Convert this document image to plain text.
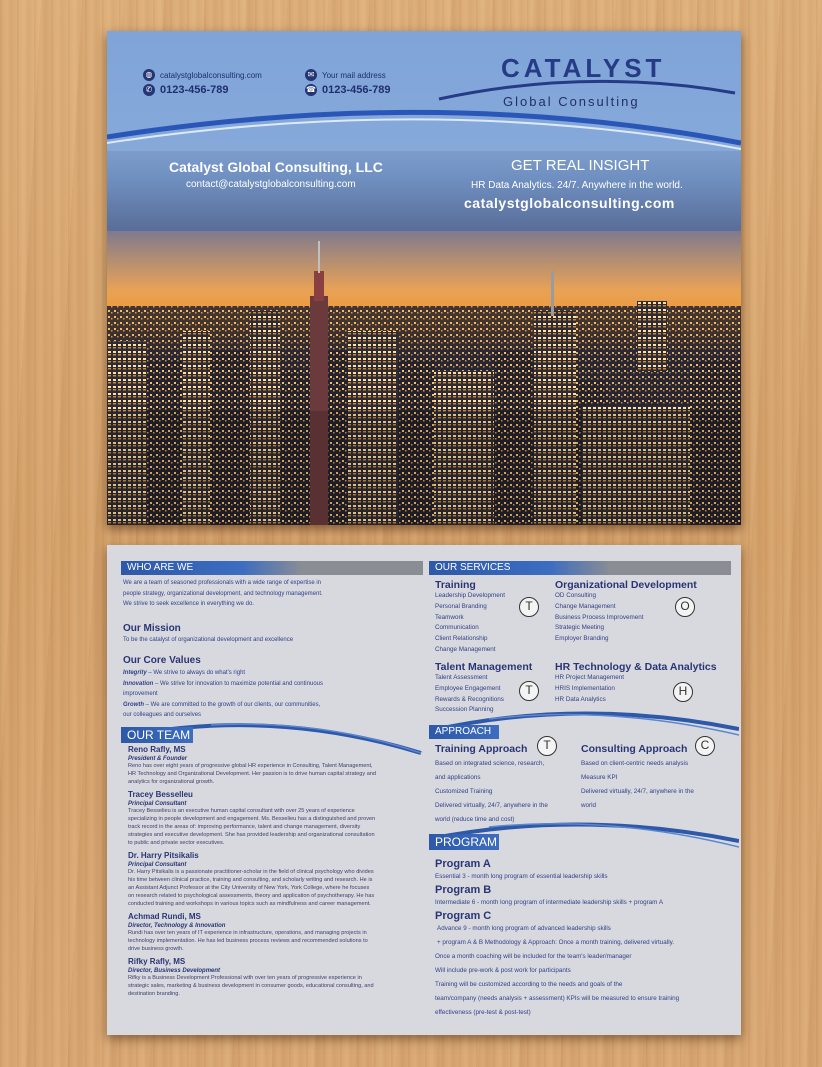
◍ catalystglobalconsulting.com
✆ 0123-456-789
✉ Your mail address
☎ 0123-456-789
CATALYST
Global Consulting
Catalyst Global Consulting, LLC
contact@catalystglobalconsulting.com
GET REAL INSIGHT
HR Data Analytics. 24/7. Anywhere in the world.
catalystglobalconsulting.com
WHO ARE WE
We are a team of seasoned professionals with a wide range of expertise in
people strategy, organizational development, and technology management.
We strive to seek excellence in everything we do.
Our Mission
To be the catalyst of organizational development and excellence
Our Core Values
Integrity – We strive to always do what's right
Innovation – We strive for innovation to maximize potential and continuous
improvement
Growth – We are committed to the growth of our clients, our communities,
our colleagues and ourselves
OUR TEAM
Reno Rafly, MS
President & Founder
Reno has over eight years of progressive global HR experience in Consulting, Talent Management,
HR Technology and Organizational Development. Her passion is to drive human capital strategy and
analytics for organizational growth.
Tracey Besselleu
Principal Consultant
Tracey Besselieu is an executive human capital consultant with over 25 years of experience
specializing in people development and engagement. Ms. Besselieu has a distinguished and proven
track record in the areas of: improving performance, talent and change management, diversity
strategies and executive development. She has provided leadership and organizational consultation
to public and private sector executives.
Dr. Harry Pitsikalis
Principal Consultant
Dr. Harry Pitsikalis is a passionate practitioner-scholar in the field of clinical psychology who divides
his time between clinical practice, training and consulting, and scholarly writing and research. He is
an Assistant Adjunct Professor at the City University of New York, York College, where he focuses
on research related to psychological assessments, theory and application of psychotherapy. He has
conducted training and workshops in various topics such as mindfulness and career management.
Achmad Rundi, MS
Director, Technology & Innovation
Rundi has over ten years of IT experience in infrastructure, operations, and managing projects in
technology implementation. He has led business process reviews and recommended solutions to
drive business growth.
Rifky Rafly, MS
Director, Business Development
Rifky is a Business Development Professional with over ten years of progressive experience in
strategic sales, marketing & business development in consumer goods, educational consulting, and
destination branding.
OUR SERVICES
Training
Leadership Development
Personal Branding
Teamwork
Communication
Client Relationship
Change Management
T
Organizational Development
OD Consulting
Change Management
Business Process Improvement
Strategic Meeting
Employer Branding
O
Talent Management
Talent Assessment
Employee Engagement
Rewards & Recognitions
Succession Planning
T
HR Technology & Data Analytics
HR Project Management
HRIS Implementation
HR Data Analytics
H
APPROACH
Training Approach
Based on integrated science, research,
and applications
Customized Training
Delivered virtually, 24/7, anywhere in the
world (reduce time and cost)
T	Consulting Approach
Based on client-centric needs analysis
Measure KPI
Delivered virtually, 24/7, anywhere in the
world
C
PROGRAM
Program A
Essential 3 - month long program of essential leadership skills
Program B
Intermediate 6 - month long program of intermediate leadership skills + program A
Program C
Advance 9 - month long program of advanced leadership skills
+ program A & B Methodology & Approach: Once a month training, delivered virtually.
Once a month coaching will be included for the team's leader/manager
Will include pre-work & post work for participants
Training will be customized according to the needs and goals of the
team/company (needs analysis + assessment) KPIs will be measured to ensure training
effectiveness (pre-test & post-test)
